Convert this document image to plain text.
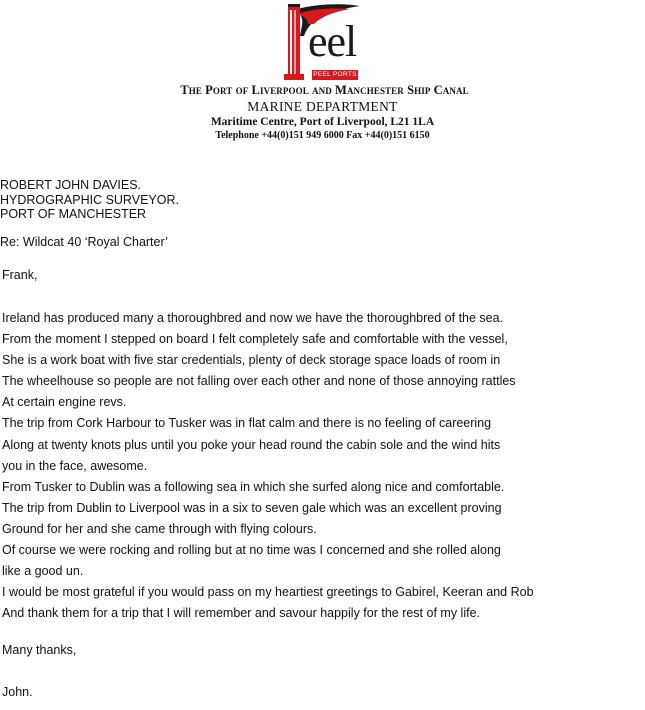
eel
PEEL PORTS
The Port of Liverpool and Manchester Ship Canal
MARINE DEPARTMENT
Maritime Centre, Port of Liverpool, L21 1LA
Telephone +44(0)151 949 6000 Fax +44(0)151 6150
ROBERT JOHN DAVIES.
HYDROGRAPHIC SURVEYOR.
PORT OF MANCHESTER
Re: Wildcat 40 ‘Royal Charter’
Frank,
Ireland has produced many a thoroughbred and now we have the thoroughbred of the sea.
From the moment I stepped on board I felt completely safe and comfortable with the vessel,
She is a work boat with five star credentials, plenty of deck storage space loads of room in
The wheelhouse so people are not falling over each other and none of those annoying rattles
At certain engine revs.
The trip from Cork Harbour to Tusker was in flat calm and there is no feeling of careering
Along at twenty knots plus until you poke your head round the cabin sole and the wind hits
you in the face, awesome.
From Tusker to Dublin was a following sea in which she surfed along nice and comfortable.
The trip from Dublin to Liverpool was in a six to seven gale which was an excellent proving
Ground for her and she came through with flying colours.
Of course we were rocking and rolling but at no time was I concerned and she rolled along
like a good un.
I would be most grateful if you would pass on my heartiest greetings to Gabirel, Keeran and Rob
And thank them for a trip that I will remember and savour happily for the rest of my life.
Many thanks,
John.
